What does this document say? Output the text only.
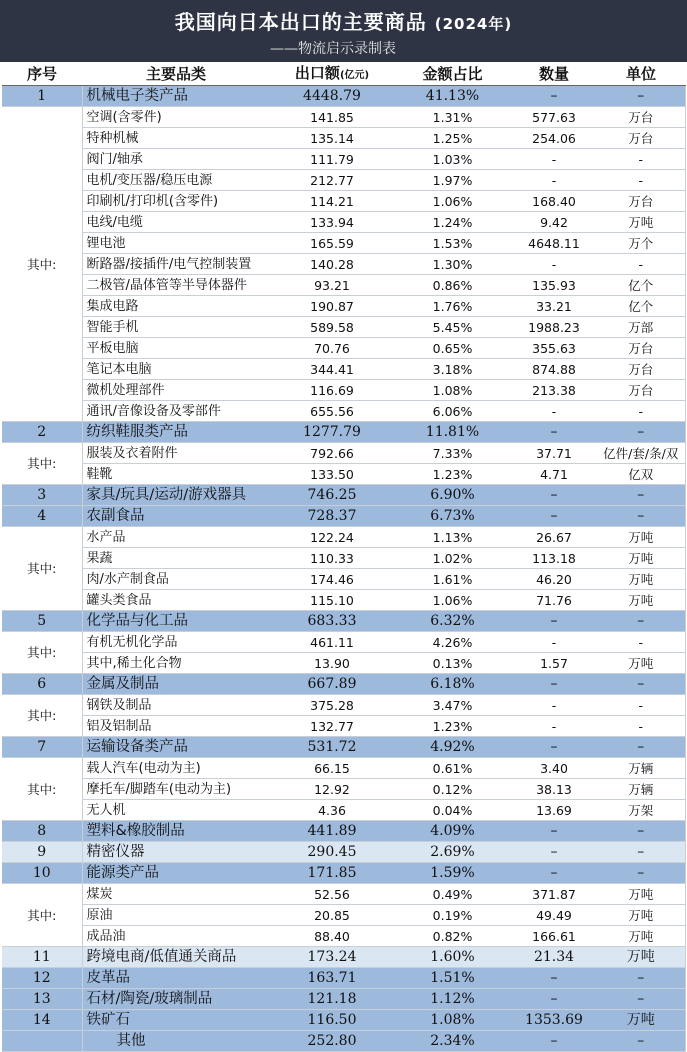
我国向日本出口的主要商品 (2024年)
——物流启示录制表
序号	主要品类	出口额(亿元)	金额占比	数量	单位
1	机械电子类产品	4448.79	41.13%	–	–
其中:	空调(含零件)	141.85	1.31%	577.63	万台
	特种机械	135.14	1.25%	254.06	万台
	阀门/轴承	111.79	1.03%	-	-
	电机/变压器/稳压电源	212.77	1.97%	-	-
	印刷机/打印机(含零件)	114.21	1.06%	168.40	万台
	电线/电缆	133.94	1.24%	9.42	万吨
	锂电池	165.59	1.53%	4648.11	万个
	断路器/接插件/电气控制装置	140.28	1.30%	-	-
	二极管/晶体管等半导体器件	93.21	0.86%	135.93	亿个
	集成电路	190.87	1.76%	33.21	亿个
	智能手机	589.58	5.45%	1988.23	万部
	平板电脑	70.76	0.65%	355.63	万台
	笔记本电脑	344.41	3.18%	874.88	万台
	微机处理部件	116.69	1.08%	213.38	万台
	通讯/音像设备及零部件	655.56	6.06%	-	-
2	纺织鞋服类产品	1277.79	11.81%	–	–
其中:	服装及衣着附件	792.66	7.33%	37.71	亿件/套/条/双
	鞋靴	133.50	1.23%	4.71	亿双
3	家具/玩具/运动/游戏器具	746.25	6.90%	–	–
4	农副食品	728.37	6.73%	–	–
其中:	水产品	122.24	1.13%	26.67	万吨
	果蔬	110.33	1.02%	113.18	万吨
	肉/水产制食品	174.46	1.61%	46.20	万吨
	罐头类食品	115.10	1.06%	71.76	万吨
5	化学品与化工品	683.33	6.32%	–	–
其中:	有机无机化学品	461.11	4.26%	-	-
	其中,稀土化合物	13.90	0.13%	1.57	万吨
6	金属及制品	667.89	6.18%	–	–
其中:	钢铁及制品	375.28	3.47%	-	-
	铝及铝制品	132.77	1.23%	-	-
7	运输设备类产品	531.72	4.92%	–	–
其中:	载人汽车(电动为主)	66.15	0.61%	3.40	万辆
	摩托车/脚踏车(电动为主)	12.92	0.12%	38.13	万辆
	无人机	4.36	0.04%	13.69	万架
8	塑料&橡胶制品	441.89	4.09%	–	–
9	精密仪器	290.45	2.69%	–	–
10	能源类产品	171.85	1.59%	–	–
其中:	煤炭	52.56	0.49%	371.87	万吨
	原油	20.85	0.19%	49.49	万吨
	成品油	88.40	0.82%	166.61	万吨
11	跨境电商/低值通关商品	173.24	1.60%	21.34	万吨
12	皮革品	163.71	1.51%	–	–
13	石材/陶瓷/玻璃制品	121.18	1.12%	–	–
14	铁矿石	116.50	1.08%	1353.69	万吨
	其他	252.80	2.34%	–	–
